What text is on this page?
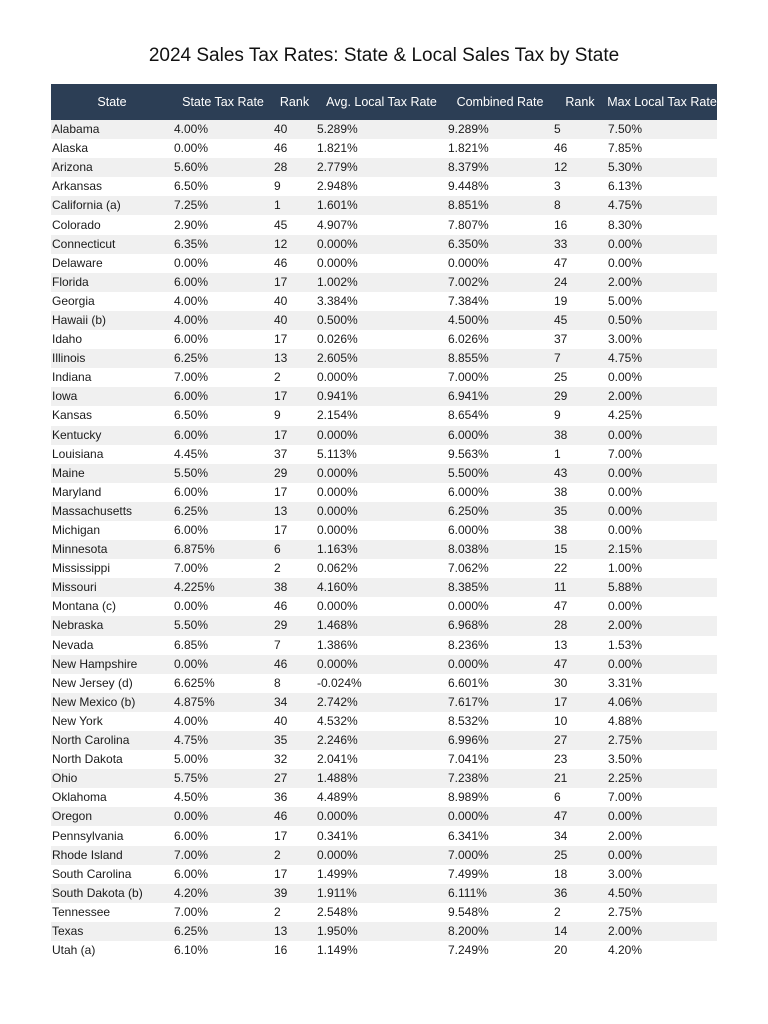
2024 Sales Tax Rates: State & Local Sales Tax by State
State	State Tax Rate	Rank	Avg. Local Tax Rate	Combined Rate	Rank	Max Local Tax Rate
Alabama	4.00%	40	5.289%	9.289%	5	7.50%
Alaska	0.00%	46	1.821%	1.821%	46	7.85%
Arizona	5.60%	28	2.779%	8.379%	12	5.30%
Arkansas	6.50%	9	2.948%	9.448%	3	6.13%
California (a)	7.25%	1	1.601%	8.851%	8	4.75%
Colorado	2.90%	45	4.907%	7.807%	16	8.30%
Connecticut	6.35%	12	0.000%	6.350%	33	0.00%
Delaware	0.00%	46	0.000%	0.000%	47	0.00%
Florida	6.00%	17	1.002%	7.002%	24	2.00%
Georgia	4.00%	40	3.384%	7.384%	19	5.00%
Hawaii (b)	4.00%	40	0.500%	4.500%	45	0.50%
Idaho	6.00%	17	0.026%	6.026%	37	3.00%
Illinois	6.25%	13	2.605%	8.855%	7	4.75%
Indiana	7.00%	2	0.000%	7.000%	25	0.00%
Iowa	6.00%	17	0.941%	6.941%	29	2.00%
Kansas	6.50%	9	2.154%	8.654%	9	4.25%
Kentucky	6.00%	17	0.000%	6.000%	38	0.00%
Louisiana	4.45%	37	5.113%	9.563%	1	7.00%
Maine	5.50%	29	0.000%	5.500%	43	0.00%
Maryland	6.00%	17	0.000%	6.000%	38	0.00%
Massachusetts	6.25%	13	0.000%	6.250%	35	0.00%
Michigan	6.00%	17	0.000%	6.000%	38	0.00%
Minnesota	6.875%	6	1.163%	8.038%	15	2.15%
Mississippi	7.00%	2	0.062%	7.062%	22	1.00%
Missouri	4.225%	38	4.160%	8.385%	11	5.88%
Montana (c)	0.00%	46	0.000%	0.000%	47	0.00%
Nebraska	5.50%	29	1.468%	6.968%	28	2.00%
Nevada	6.85%	7	1.386%	8.236%	13	1.53%
New Hampshire	0.00%	46	0.000%	0.000%	47	0.00%
New Jersey (d)	6.625%	8	-0.024%	6.601%	30	3.31%
New Mexico (b)	4.875%	34	2.742%	7.617%	17	4.06%
New York	4.00%	40	4.532%	8.532%	10	4.88%
North Carolina	4.75%	35	2.246%	6.996%	27	2.75%
North Dakota	5.00%	32	2.041%	7.041%	23	3.50%
Ohio	5.75%	27	1.488%	7.238%	21	2.25%
Oklahoma	4.50%	36	4.489%	8.989%	6	7.00%
Oregon	0.00%	46	0.000%	0.000%	47	0.00%
Pennsylvania	6.00%	17	0.341%	6.341%	34	2.00%
Rhode Island	7.00%	2	0.000%	7.000%	25	0.00%
South Carolina	6.00%	17	1.499%	7.499%	18	3.00%
South Dakota (b)	4.20%	39	1.911%	6.111%	36	4.50%
Tennessee	7.00%	2	2.548%	9.548%	2	2.75%
Texas	6.25%	13	1.950%	8.200%	14	2.00%
Utah (a)	6.10%	16	1.149%	7.249%	20	4.20%
